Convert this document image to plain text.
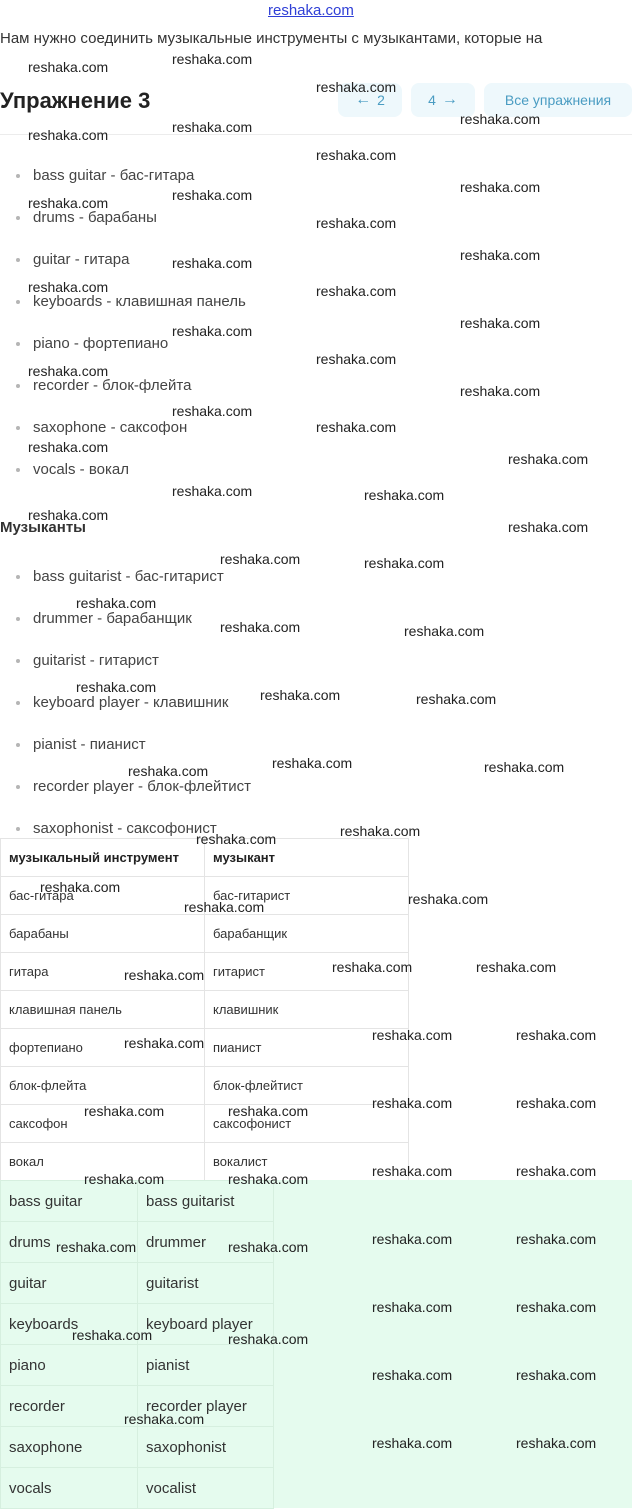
reshaka.com
Нам нужно соединить музыкальные инструменты с музыкантами, которые на
Упражнение 3	← 2	4 →	Все упражнения
bass guitar - бас-гитара
drums - барабаны
guitar - гитара
keyboards - клавишная панель
piano - фортепиано
recorder - блок-флейта
saxophone - саксофон
vocals - вокал
Музыканты
bass guitarist - бас-гитарист
drummer - барабанщик
guitarist - гитарист
keyboard player - клавишник
pianist - пианист
recorder player - блок-флейтист
saxophonist - саксофонист
музыкальный инструмент	музыкант
бас-гитара	бас-гитарист
барабаны	барабанщик
гитара	гитарист
клавишная панель	клавишник
фортепиано	пианист
блок-флейта	блок-флейтист
саксофон	саксофонист
вокал	вокалист
bass guitar	bass guitarist
drums	drummer
guitar	guitarist
keyboards	keyboard player
piano	pianist
recorder	recorder player
saxophone	saxophonist
vocals	vocalist
reshaka.com	reshaka.com
reshaka.com
reshaka.com
reshaka.com	reshaka.com
reshaka.com
reshaka.com
reshaka.com	reshaka.com
reshaka.com
reshaka.com
reshaka.com
reshaka.com
reshaka.com
reshaka.com
reshaka.com
reshaka.com
reshaka.com
reshaka.com
reshaka.com
reshaka.com
reshaka.com
reshaka.com
reshaka.com	reshaka.com
reshaka.com
reshaka.com
reshaka.com	reshaka.com
reshaka.com
reshaka.com	reshaka.com
reshaka.com	reshaka.com	reshaka.com
reshaka.com
reshaka.com	reshaka.com
reshaka.com
reshaka.com
reshaka.com
reshaka.com
reshaka.com
reshaka.com	reshaka.com	reshaka.com
reshaka.com	reshaka.com
reshaka.com
reshaka.com	reshaka.com
reshaka.com	reshaka.com
reshaka.com	reshaka.com
reshaka.com	reshaka.com
reshaka.com	reshaka.com
reshaka.com	reshaka.com
reshaka.com	reshaka.com
reshaka.com	reshaka.com
reshaka.com	reshaka.com
reshaka.com
reshaka.com	reshaka.com
